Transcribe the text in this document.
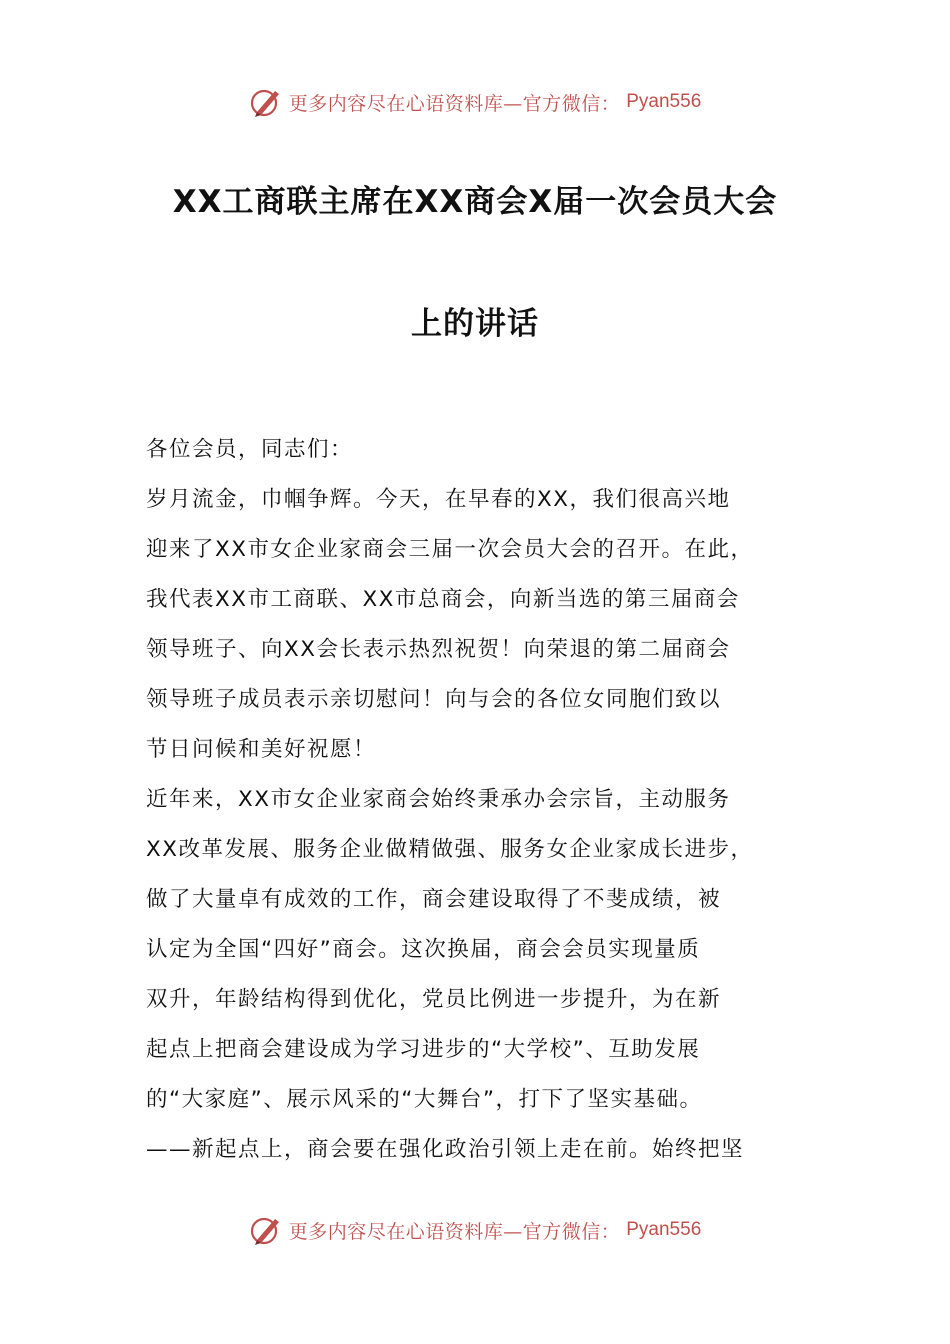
更多内容尽在心语资料库—官方微信： Pyan556
XX工商联主席在XX商会X届一次会员大会
上的讲话
各位会员，同志们：
岁月流金，巾帼争辉。今天，在早春的XX，我们很高兴地
迎来了XX市女企业家商会三届一次会员大会的召开。在此，
我代表XX市工商联、XX市总商会，向新当选的第三届商会
领导班子、向XX会长表示热烈祝贺！向荣退的第二届商会
领导班子成员表示亲切慰问！向与会的各位女同胞们致以
节日问候和美好祝愿！
近年来，XX市女企业家商会始终秉承办会宗旨，主动服务
XX改革发展、服务企业做精做强、服务女企业家成长进步，
做了大量卓有成效的工作，商会建设取得了不斐成绩，被
认定为全国“四好”商会。这次换届，商会会员实现量质
双升，年龄结构得到优化，党员比例进一步提升，为在新
起点上把商会建设成为学习进步的“大学校”、互助发展
的“大家庭”、展示风采的“大舞台”，打下了坚实基础。
——新起点上，商会要在强化政治引领上走在前。始终把坚
更多内容尽在心语资料库—官方微信： Pyan556
